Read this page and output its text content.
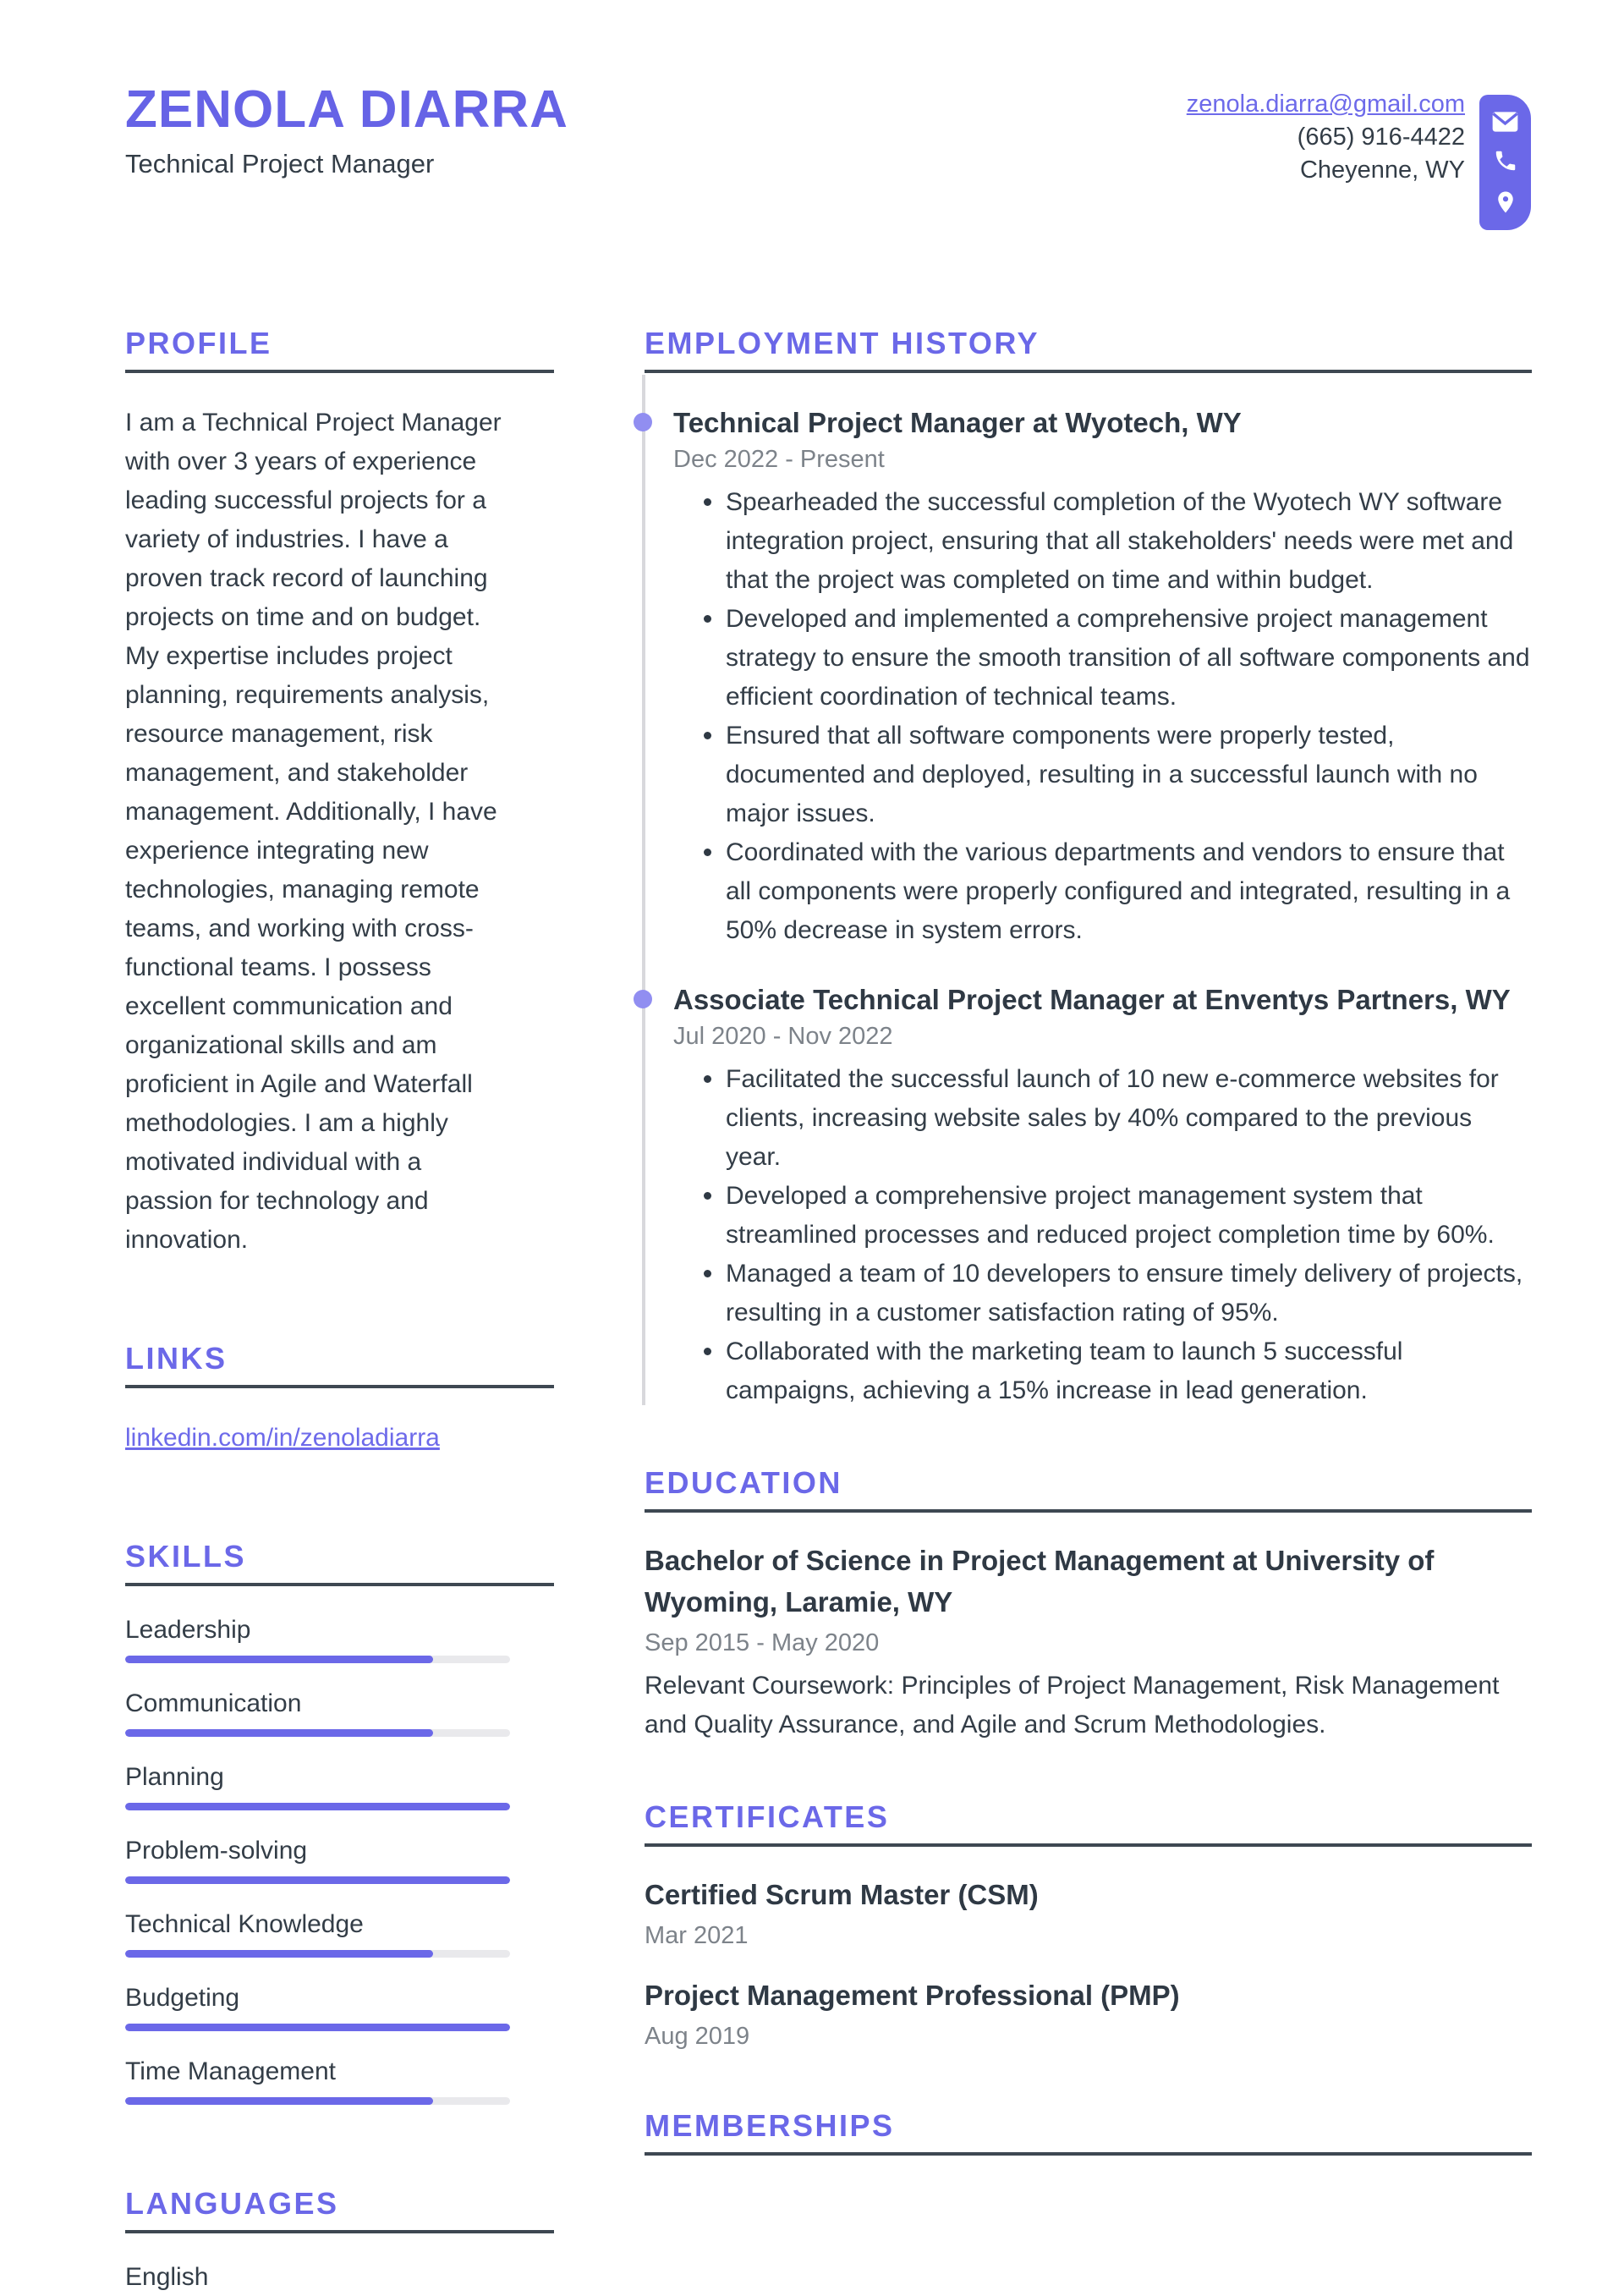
ZENOLA DIARRA
Technical Project Manager
zenola.diarra@gmail.com
(665) 916-4422
Cheyenne, WY
PROFILE
I am a Technical Project Manager with over 3 years of experience leading successful projects for a variety of industries. I have a proven track record of launching projects on time and on budget. My expertise includes project planning, requirements analysis, resource management, risk management, and stakeholder management. Additionally, I have experience integrating new technologies, managing remote teams, and working with cross-functional teams. I possess excellent communication and organizational skills and am proficient in Agile and Waterfall methodologies. I am a highly motivated individual with a passion for technology and innovation.
LINKS
linkedin.com/in/zenoladiarra
SKILLS
Leadership
Communication
Planning
Problem-solving
Technical Knowledge
Budgeting
Time Management
LANGUAGES
English
EMPLOYMENT HISTORY
Technical Project Manager at Wyotech, WY
Dec 2022 - Present
Spearheaded the successful completion of the Wyotech WY software integration project, ensuring that all stakeholders' needs were met and that the project was completed on time and within budget.
Developed and implemented a comprehensive project management strategy to ensure the smooth transition of all software components and efficient coordination of technical teams.
Ensured that all software components were properly tested, documented and deployed, resulting in a successful launch with no major issues.
Coordinated with the various departments and vendors to ensure that all components were properly configured and integrated, resulting in a 50% decrease in system errors.
Associate Technical Project Manager at Enventys Partners, WY
Jul 2020 - Nov 2022
Facilitated the successful launch of 10 new e-commerce websites for clients, increasing website sales by 40% compared to the previous year.
Developed a comprehensive project management system that streamlined processes and reduced project completion time by 60%.
Managed a team of 10 developers to ensure timely delivery of projects, resulting in a customer satisfaction rating of 95%.
Collaborated with the marketing team to launch 5 successful campaigns, achieving a 15% increase in lead generation.
EDUCATION
Bachelor of Science in Project Management at University of Wyoming, Laramie, WY
Sep 2015 - May 2020
Relevant Coursework: Principles of Project Management, Risk Management and Quality Assurance, and Agile and Scrum Methodologies.
CERTIFICATES
Certified Scrum Master (CSM)
Mar 2021
Project Management Professional (PMP)
Aug 2019
MEMBERSHIPS
